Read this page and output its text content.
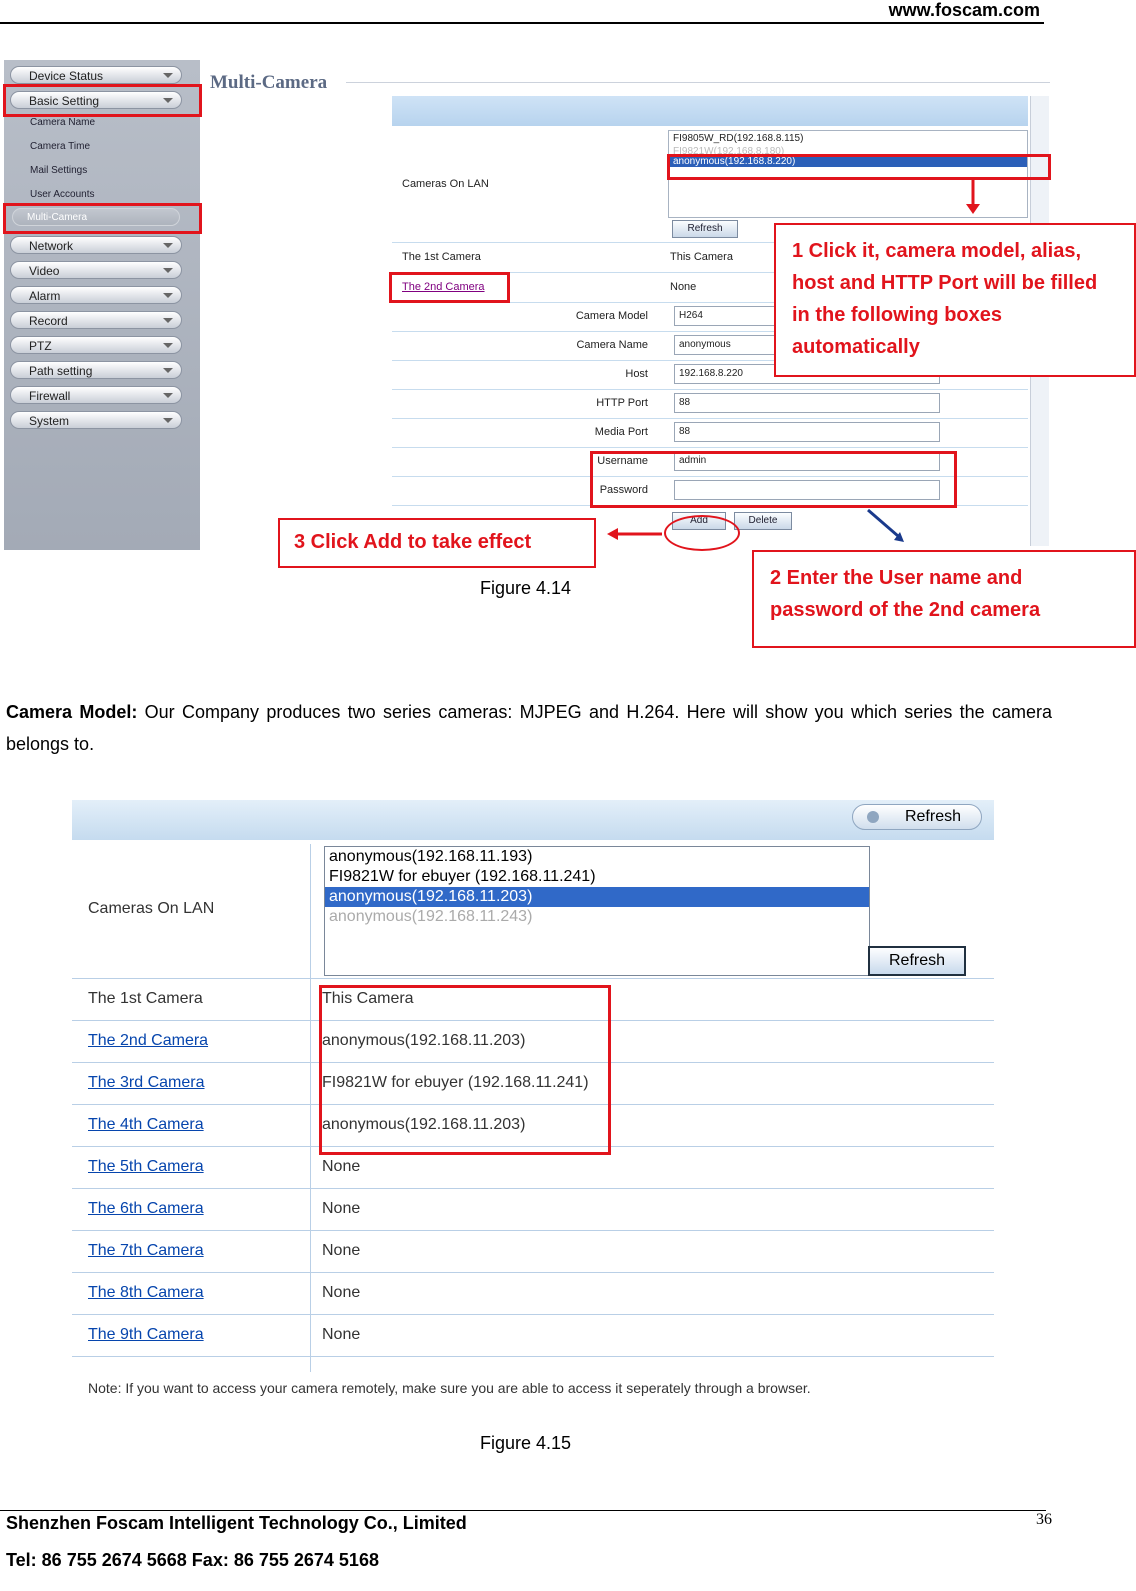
www.foscam.com
Device Status
Basic Setting
Camera Name
Camera Time
Mail Settings
User Accounts
Multi-Camera
Network
Video
Alarm
Record
PTZ
Path setting
Firewall
System
Multi-Camera
Cameras On LAN
FI9805W_RD(192.168.8.115)
FI9821W(192.168.8.180)
anonymous(192.168.8.220)
Refresh
The 1st Camera	This Camera
The 2nd Camera	None
Camera Model	H264
Camera Name	anonymous
Host	192.168.8.220
HTTP Port	88
Media Port	88
Username	admin
Password
Add	Delete
1 Click it, camera model, alias, host and HTTP Port will be filled in the following boxes automatically
3 Click Add to take effect
2 Enter the User name and password of the 2nd camera
Figure 4.14
Camera Model: Our Company produces two series cameras: MJPEG and H.264. Here will show you which series the camera belongs to.
Refresh
Cameras On LAN
anonymous(192.168.11.193)
FI9821W for ebuyer (192.168.11.241)
anonymous(192.168.11.203)
anonymous(192.168.11.243)
Refresh
The 1st Camera	This Camera
The 2nd Camera	anonymous(192.168.11.203)
The 3rd Camera	FI9821W for ebuyer (192.168.11.241)
The 4th Camera	anonymous(192.168.11.203)
The 5th Camera	None
The 6th Camera	None
The 7th Camera	None
The 8th Camera	None
The 9th Camera	None
Note: If you want to access your camera remotely, make sure you are able to access it seperately through a browser.
Figure 4.15
Shenzhen Foscam Intelligent Technology Co., Limited
Tel: 86 755 2674 5668 Fax: 86 755 2674 5168
36
